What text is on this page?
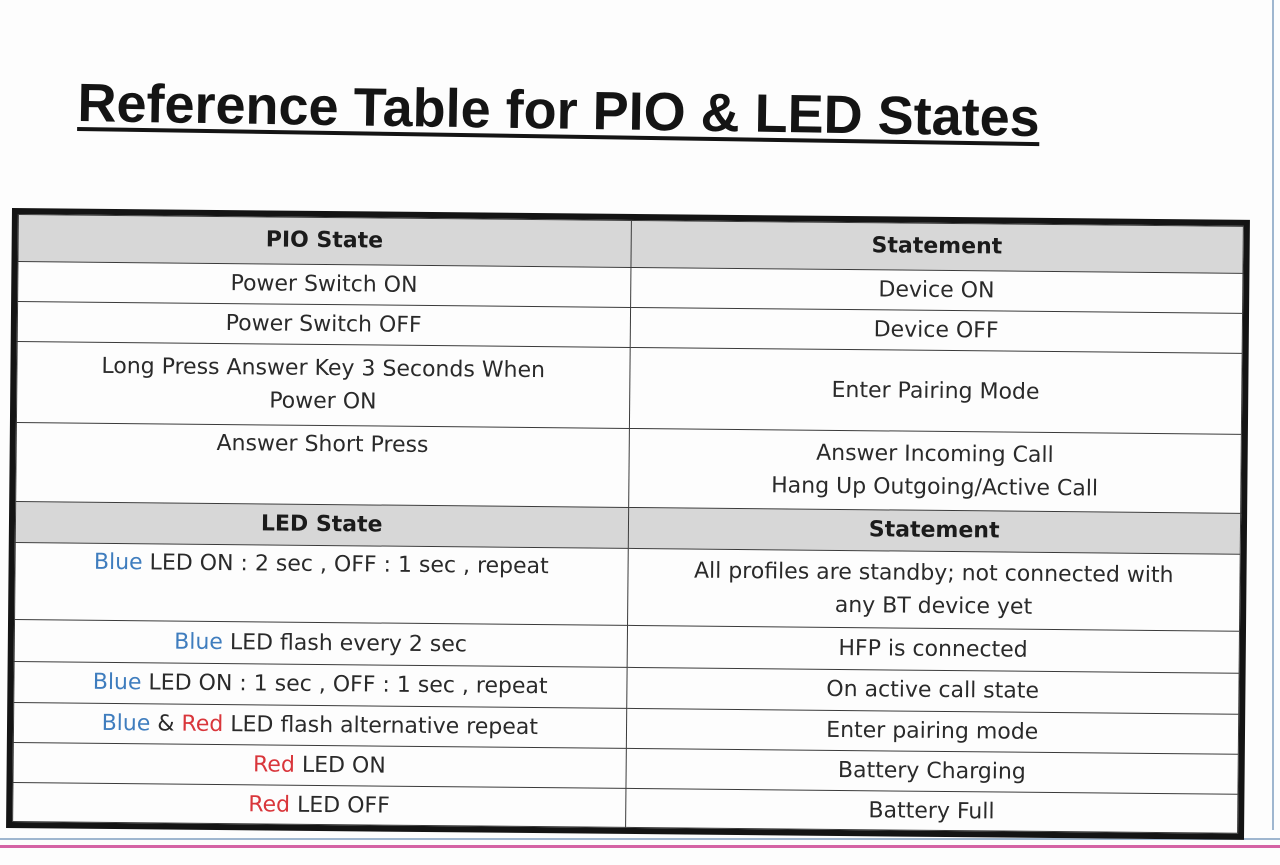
Reference Table for PIO & LED States
PIO State	Statement
Power Switch ON	Device ON
Power Switch OFF	Device OFF

Long Press Answer Key 3 Seconds When
Power ON	Enter Pairing Mode
Answer Short Press	Answer Incoming Call
Hang Up Outgoing/Active Call

LED State	Statement
Blue LED ON : 2 sec , OFF : 1 sec , repeat	All profiles are standby; not connected with
any BT device yet

Blue LED flash every 2 sec	HFP is connected
Blue LED ON : 1 sec , OFF : 1 sec , repeat	On active call state
Blue & Red LED flash alternative repeat	Enter pairing mode
Red LED ON	Battery Charging
Red LED OFF	Battery Full
